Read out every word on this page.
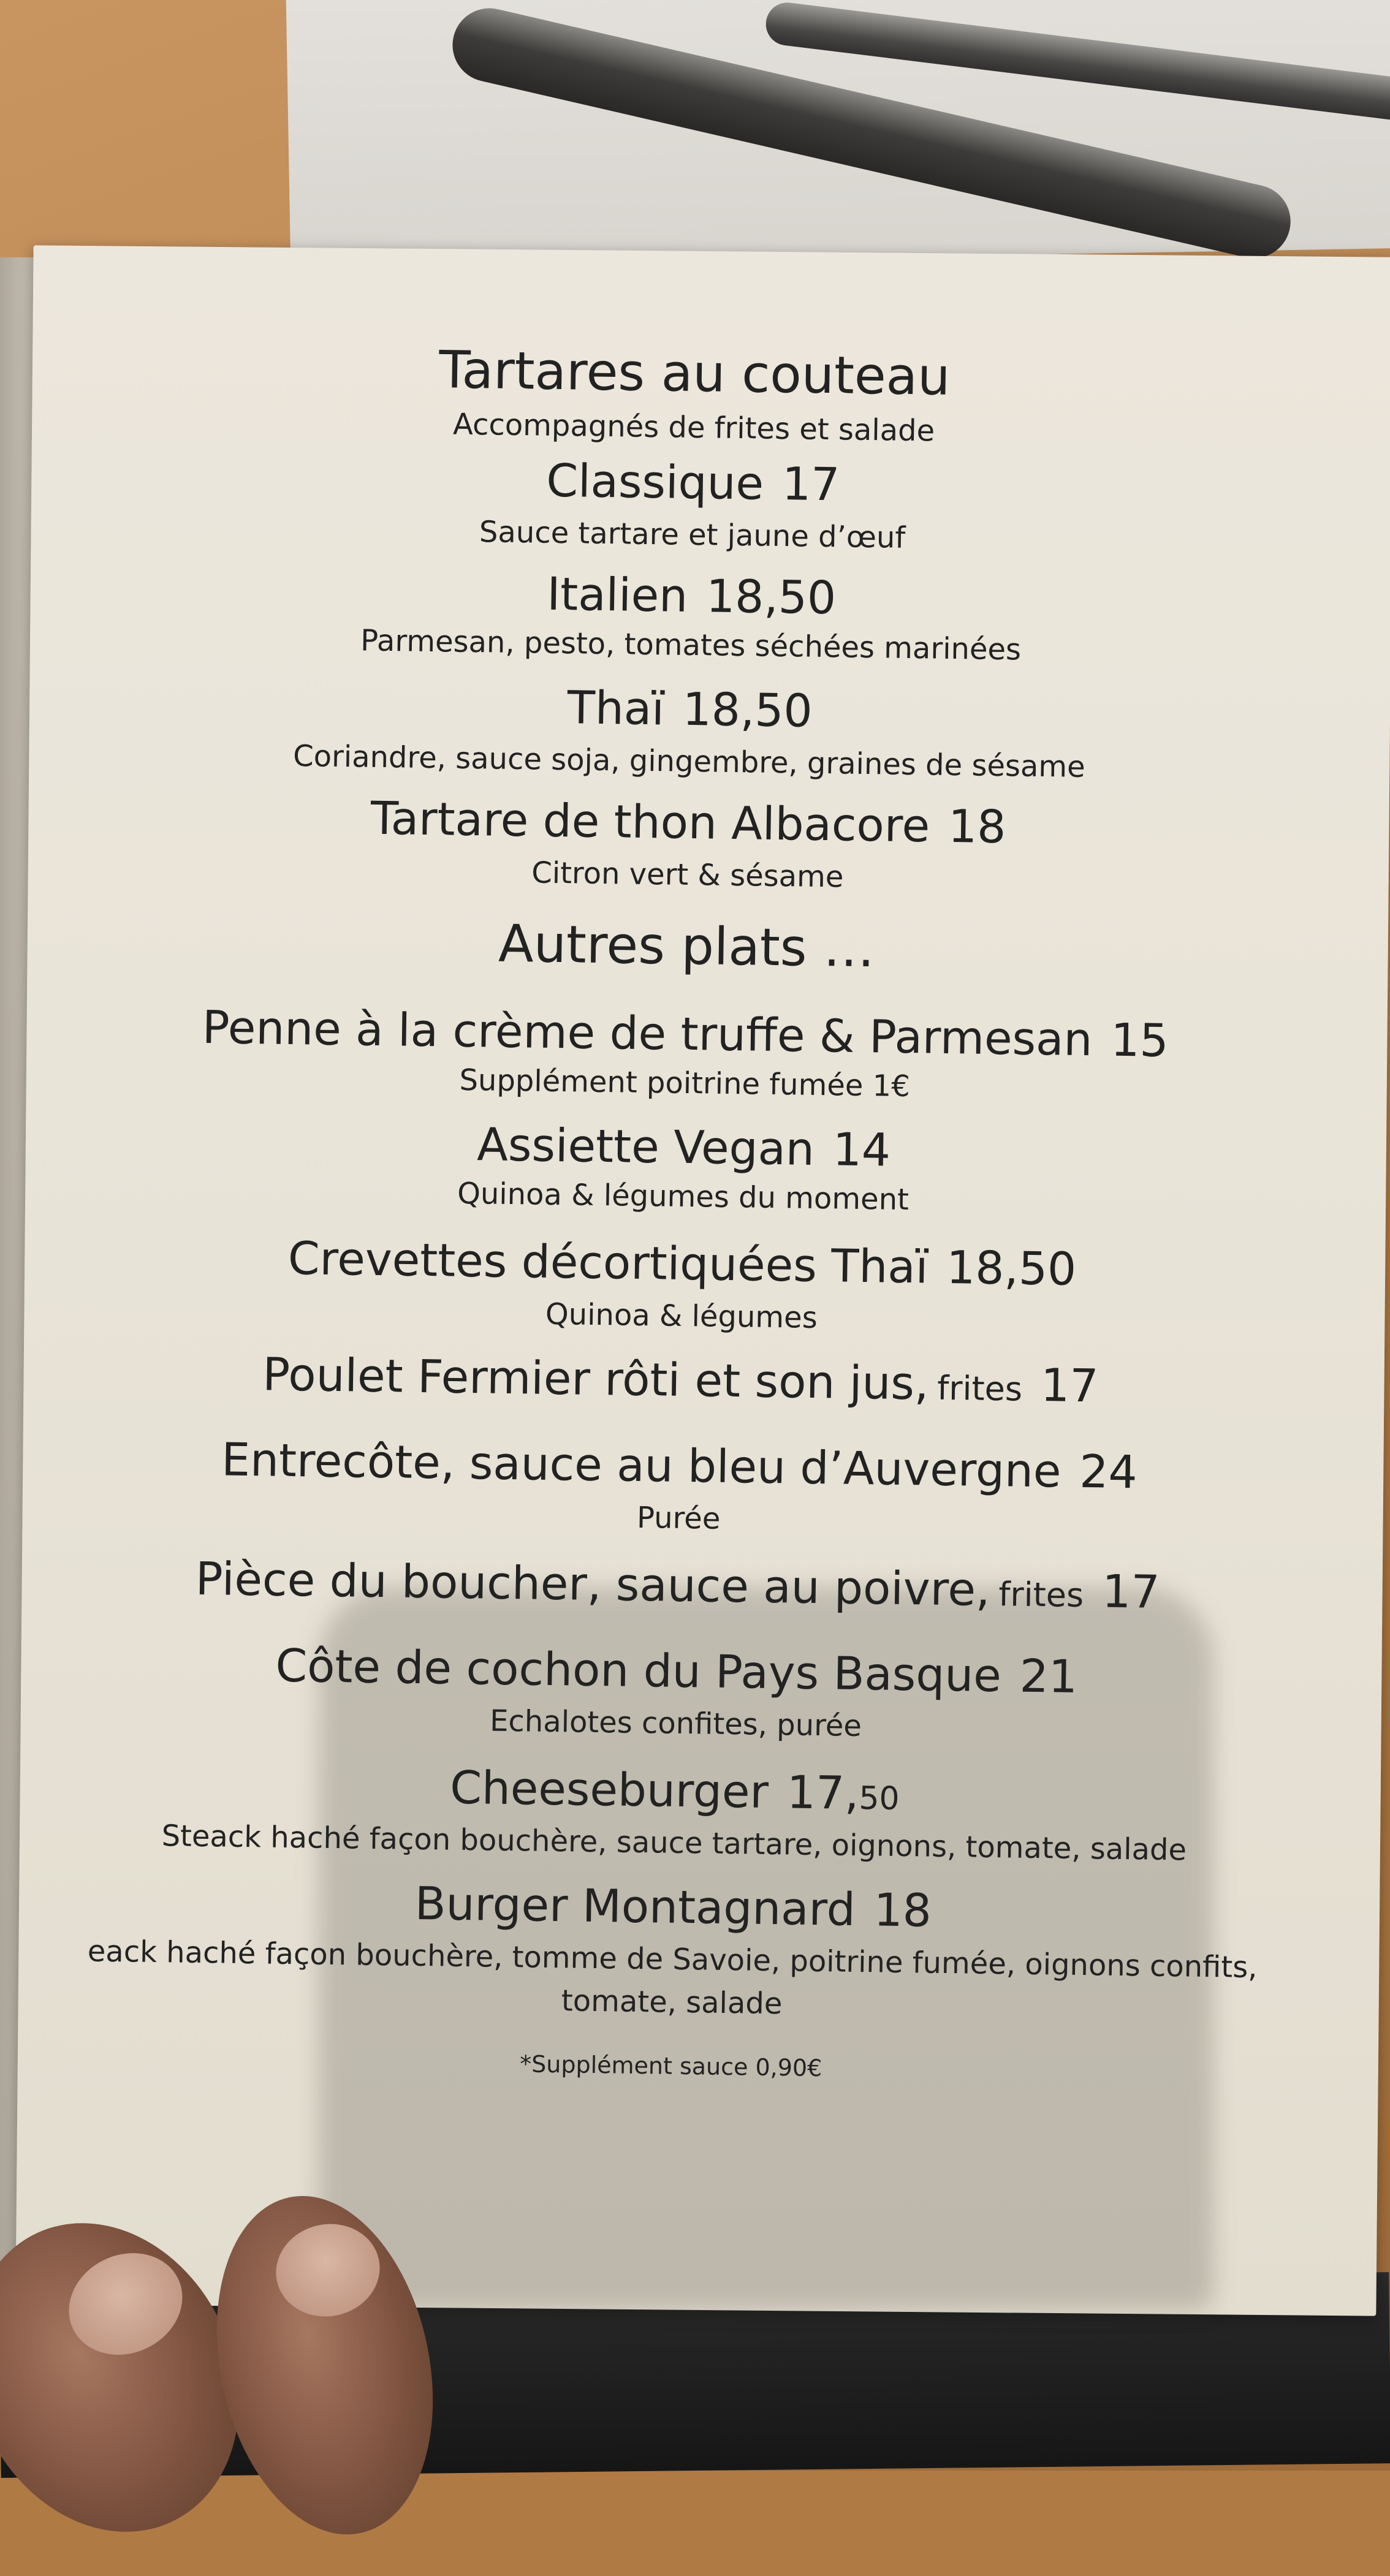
Tartares au couteau
Accompagnés de frites et salade
Classique 17
Sauce tartare et jaune d’œuf
Italien 18,50
Parmesan, pesto, tomates séchées marinées
Thaï 18,50
Coriandre, sauce soja, gingembre, graines de sésame
Tartare de thon Albacore 18
Citron vert & sésame
Autres plats …
Penne à la crème de truffe & Parmesan 15
Supplément poitrine fumée 1€
Assiette Vegan 14
Quinoa & légumes du moment
Crevettes décortiquées Thaï 18,50
Quinoa & légumes
Poulet Fermier rôti et son jus, frites 17
Entrecôte, sauce au bleu d’Auvergne 24
Purée
Pièce du boucher, sauce au poivre, frites 17
Côte de cochon du Pays Basque 21
Echalotes confites, purée
Cheeseburger 17,50
Steack haché façon bouchère, sauce tartare, oignons, tomate, salade
Burger Montagnard 18
eack haché façon bouchère, tomme de Savoie, poitrine fumée, oignons confits,
tomate, salade
*Supplément sauce 0,90€
